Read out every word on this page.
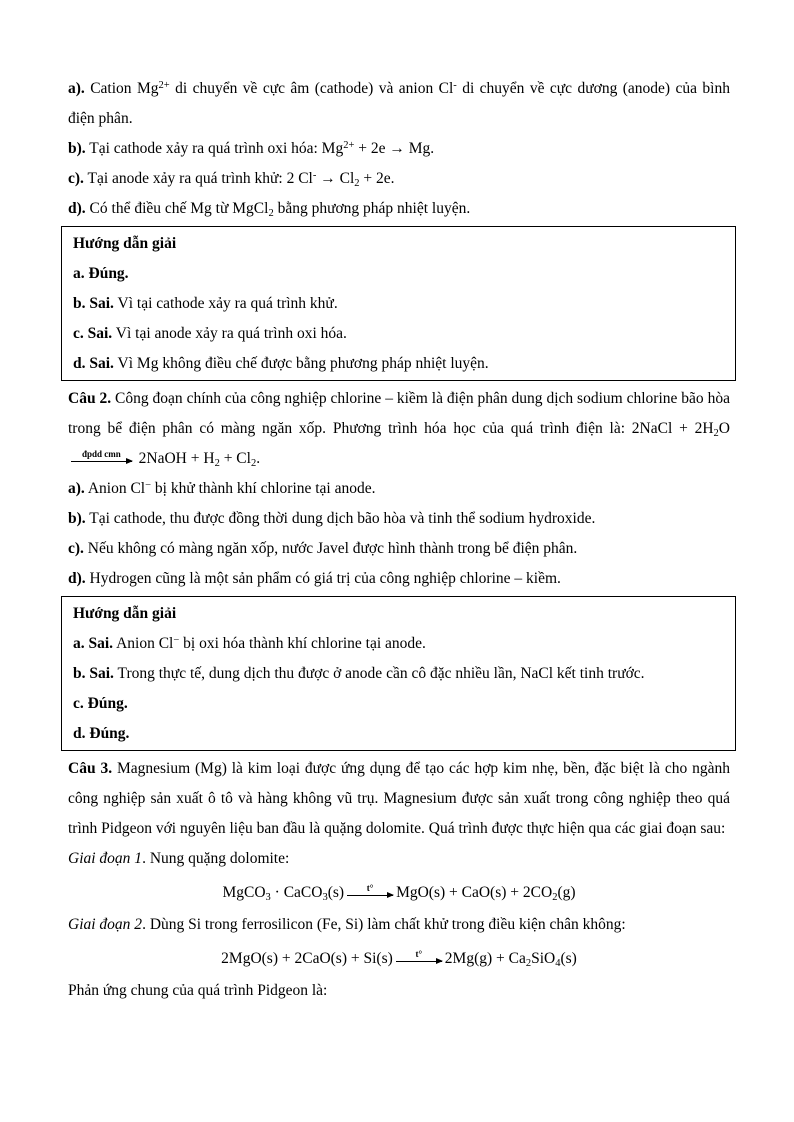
a). Cation $Mg^{2+}$ di chuyển về cực âm (cathode) và anion Cl- di chuyển về cực dương (anode) của bình điện phân.

b). Tại cathode xảy ra quá trình oxi hóa: $Mg^{2+} + 2e \to Mg$.

c). Tại anode xảy ra quá trình khử: 2 $Cl^- \to Cl_2 + 2e$.

d). Có thể điều chế Mg từ MgCl$_2$ bằng phương pháp nhiệt luyện.

Hướng dẫn giải

a. Đúng.

b. Sai. Vì tại cathode xảy ra quá trình khử.

c. Sai. Vì tại anode xảy ra quá trình oxi hóa.

d. Sai. Vì Mg không điều chế được bằng phương pháp nhiệt luyện.

Câu 2. Công đoạn chính của công nghiệp chlorine – kiềm là điện phân dung dịch sodium chlorine bão hòa trong bể điện phân có màng ngăn xốp. Phương trình hóa học của quá trình điện là: 2NaCl + $2H_2O$
đpdd cmn 2NaOH + $H_2 + Cl_2$.

a). Anion Cl− bị khử thành khí chlorine tại anode.

b). Tại cathode, thu được đồng thời dung dịch bão hòa và tinh thể sodium hydroxide.

c). Nếu không có màng ngăn xốp, nước Javel được hình thành trong bể điện phân.

d). Hydrogen cũng là một sản phẩm có giá trị của công nghiệp chlorine – kiềm.

Hướng dẫn giải

a. Sai. Anion Cl− bị oxi hóa thành khí chlorine tại anode.

b. Sai. Trong thực tế, dung dịch thu được ở anode cần cô đặc nhiều lần, NaCl kết tinh trước.

c. Đúng.

d. Đúng.

Câu 3. Magnesium (Mg) là kim loại được ứng dụng để tạo các hợp kim nhẹ, bền, đặc biệt là cho ngành công nghiệp sản xuất ô tô và hàng không vũ trụ. Magnesium được sản xuất trong công nghiệp theo quá trình Pidgeon với nguyên liệu ban đầu là quặng dolomite. Quá trình được thực hiện qua các giai đoạn sau:

Giai đoạn 1. Nung quặng dolomite:

MgCO$_3$ · CaCO$_3$(s)	t°	$MgO(s) + CaO(s) + 2CO_2(g)$

Giai đoạn 2. Dùng Si trong ferrosilicon (Fe, Si) làm chất khử trong điều kiện chân không:

2MgO(s) + 2CaO(s) + Si(s)	t°	$2Mg(g) + Ca_2SiO_4(s)$

Phản ứng chung của quá trình Pidgeon là:
